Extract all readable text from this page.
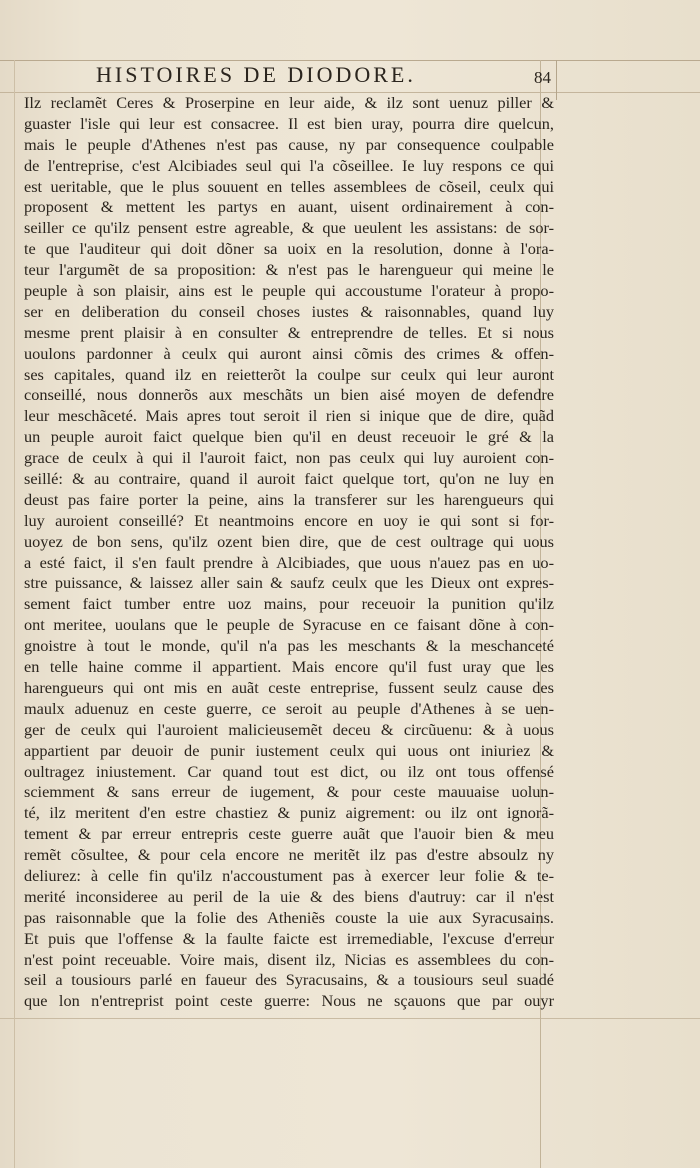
HISTOIRES DE DIODORE.	84
Ilz reclamẽt Ceres & Proserpine en leur aide, & ilz sont uenuz piller &
guaster l'isle qui leur est consacree. Il est bien uray, pourra dire quelcun,
mais le peuple d'Athenes n'est pas cause, ny par consequence coulpable
de l'entreprise, c'est Alcibiades seul qui l'a cõseillee. Ie luy respons ce qui
est ueritable, que le plus souuent en telles assemblees de cõseil, ceulx qui
proposent & mettent les partys en auant, uisent ordinairement à con-
seiller ce qu'ilz pensent estre agreable, & que ueulent les assistans: de sor-
te que l'auditeur qui doit dõner sa uoix en la resolution, donne à l'ora-
teur l'argumẽt de sa proposition: & n'est pas le harengueur qui meine le
peuple à son plaisir, ains est le peuple qui accoustume l'orateur à propo-
ser en deliberation du conseil choses iustes & raisonnables, quand luy
mesme prent plaisir à en consulter & entreprendre de telles. Et si nous
uoulons pardonner à ceulx qui auront ainsi cõmis des crimes & offen-
ses capitales, quand ilz en reietterõt la coulpe sur ceulx qui leur auront
conseillé, nous donnerõs aux meschãts un bien aisé moyen de defendre
leur meschãceté. Mais apres tout seroit il rien si inique que de dire, quãd
un peuple auroit faict quelque bien qu'il en deust receuoir le gré & la
grace de ceulx à qui il l'auroit faict, non pas ceulx qui luy auroient con-
seillé: & au contraire, quand il auroit faict quelque tort, qu'on ne luy en
deust pas faire porter la peine, ains la transferer sur les harengueurs qui
luy auroient conseillé? Et neantmoins encore en uoy ie qui sont si for-
uoyez de bon sens, qu'ilz ozent bien dire, que de cest oultrage qui uous
a esté faict, il s'en fault prendre à Alcibiades, que uous n'auez pas en uo-
stre puissance, & laissez aller sain & saufz ceulx que les Dieux ont expres-
sement faict tumber entre uoz mains, pour receuoir la punition qu'ilz
ont meritee, uoulans que le peuple de Syracuse en ce faisant dõne à con-
gnoistre à tout le monde, qu'il n'a pas les meschants & la meschanceté
en telle haine comme il appartient. Mais encore qu'il fust uray que les
harengueurs qui ont mis en auãt ceste entreprise, fussent seulz cause des
maulx aduenuz en ceste guerre, ce seroit au peuple d'Athenes à se uen-
ger de ceulx qui l'auroient malicieusemẽt deceu & circũuenu: & à uous
appartient par deuoir de punir iustement ceulx qui uous ont iniuriez &
oultragez iniustement. Car quand tout est dict, ou ilz ont tous offensé
sciemment & sans erreur de iugement, & pour ceste mauuaise uolun-
té, ilz meritent d'en estre chastiez & puniz aigrement: ou ilz ont ignorã-
tement & par erreur entrepris ceste guerre auãt que l'auoir bien & meu
remẽt cõsultee, & pour cela encore ne meritẽt ilz pas d'estre absoulz ny
deliurez: à celle fin qu'ilz n'accoustument pas à exercer leur folie & te-
merité inconsideree au peril de la uie & des biens d'autruy: car il n'est
pas raisonnable que la folie des Atheniẽs couste la uie aux Syracusains.
Et puis que l'offense & la faulte faicte est irremediable, l'excuse d'erreur
n'est point receuable. Voire mais, disent ilz, Nicias es assemblees du con-
seil a tousiours parlé en faueur des Syracusains, & a tousiours seul suadé
que lon n'entreprist point ceste guerre: Nous ne sçauons que par ouyr
